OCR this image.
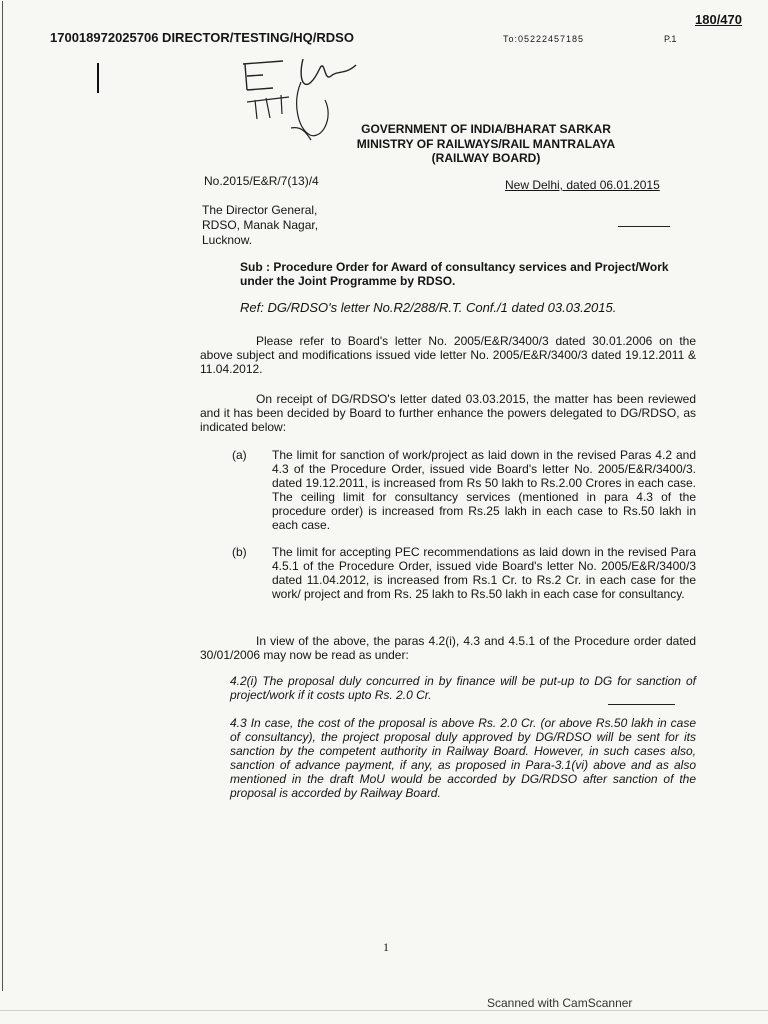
170018972025706 DIRECTOR/TESTING/HQ/RDSO	To:05222457185	P.1
180/470
GOVERNMENT OF INDIA/BHARAT SARKAR
MINISTRY OF RAILWAYS/RAIL MANTRALAYA
(RAILWAY BOARD)
No.2015/E&R/7(13)/4	New Delhi, dated 06.01.2015
The Director General,
RDSO, Manak Nagar,
Lucknow.
Sub : Procedure Order for Award of consultancy services and Project/Work under the Joint Programme by RDSO.
Ref: DG/RDSO's letter No.R2/288/R.T. Conf./1 dated 03.03.2015.
Please refer to Board's letter No. 2005/E&R/3400/3 dated 30.01.2006 on the above subject and modifications issued vide letter No. 2005/E&R/3400/3 dated 19.12.2011 & 11.04.2012.
On receipt of DG/RDSO's letter dated 03.03.2015, the matter has been reviewed and it has been decided by Board to further enhance the powers delegated to DG/RDSO, as indicated below:
(a) The limit for sanction of work/project as laid down in the revised Paras 4.2 and 4.3 of the Procedure Order, issued vide Board's letter No. 2005/E&R/3400/3. dated 19.12.2011, is increased from Rs 50 lakh to Rs.2.00 Crores in each case. The ceiling limit for consultancy services (mentioned in para 4.3 of the procedure order) is increased from Rs.25 lakh in each case to Rs.50 lakh in each case.
(b) The limit for accepting PEC recommendations as laid down in the revised Para 4.5.1 of the Procedure Order, issued vide Board's letter No. 2005/E&R/3400/3 dated 11.04.2012, is increased from Rs.1 Cr. to Rs.2 Cr. in each case for the work/ project and from Rs. 25 lakh to Rs.50 lakh in each case for consultancy.
In view of the above, the paras 4.2(i), 4.3 and 4.5.1 of the Procedure order dated 30/01/2006 may now be read as under:
4.2(i) The proposal duly concurred in by finance will be put-up to DG for sanction of project/work if it costs upto Rs. 2.0 Cr.
4.3 In case, the cost of the proposal is above Rs. 2.0 Cr. (or above Rs.50 lakh in case of consultancy), the project proposal duly approved by DG/RDSO will be sent for its sanction by the competent authority in Railway Board. However, in such cases also, sanction of advance payment, if any, as proposed in Para-3.1(vi) above and as also mentioned in the draft MoU would be accorded by DG/RDSO after sanction of the proposal is accorded by Railway Board.
1
Scanned with CamScanner
